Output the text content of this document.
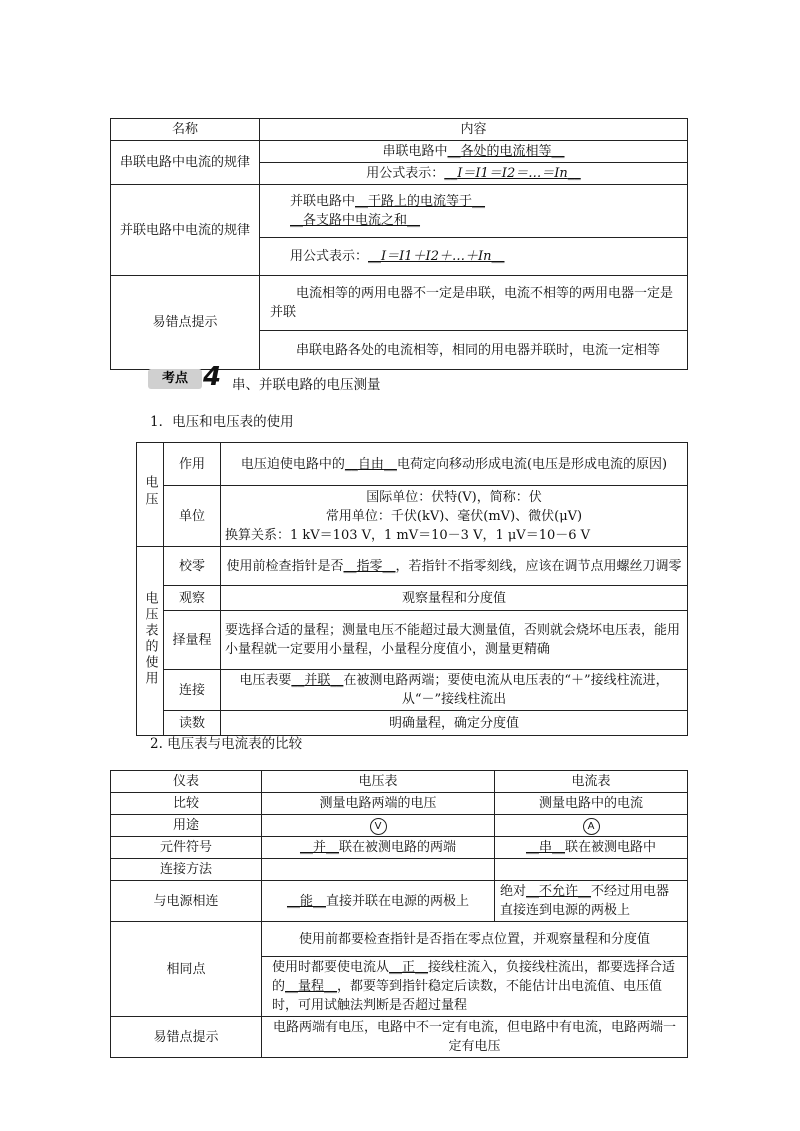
名称	内容
串联电路中电流的规律	串联电路中__各处的电流相等__
	用公式表示：__I＝I1＝I2＝…＝In__
并联电路中电流的规律	并联电路中__干路上的电流等于__
__各支路中电流之和__
	用公式表示：__I＝I1＋I2＋…＋In__
易错点提示	电流相等的两用电器不一定是串联，电流不相等的两用电器一定是并联
	串联电路各处的电流相等，相同的用电器并联时，电流一定相等
考点 4 串、并联电路的电压测量
1．电压和电压表的使用
电压	作用	电压迫使电路中的__自由__电荷定向移动形成电流(电压是形成电流的原因)
	单位	国际单位：伏特(V)，简称：伏
常用单位：千伏(kV)、毫伏(mV)、微伏(μV)
换算关系：1 kV＝103 V，1 mV＝10－3 V，1 μV＝10－6 V

电压表的使用	校零	使用前检查指针是否__指零__，若指针不指零刻线，应该在调节点用螺丝刀调零
	观察	观察量程和分度值
	择量程	要选择合适的量程；测量电压不能超过最大测量值，否则就会烧坏电压表，能用小量程就一定要用小量程，小量程分度值小，测量更精确
	连接	电压表要__并联__在被测电路两端；要使电流从电压表的“＋”接线柱流进，从“－”接线柱流出
	读数	明确量程，确定分度值
2. 电压表与电流表的比较
仪表	电压表	电流表
比较	测量电路两端的电压	测量电路中的电流
用途	V	A
元件符号	__并__联在被测电路的两端	__串__联在被测电路中
连接方法		
与电源相连	__能__直接并联在电源的两极上	绝对__不允许__不经过用电器直接连到电源的两极上
相同点	使用前都要检查指针是否指在零点位置，并观察量程和分度值	
	使用时都要使电流从__正__接线柱流入，负接线柱流出，都要选择合适的__量程__，都要等到指针稳定后读数，不能估计出电流值、电压值时，可用试触法判断是否超过量程	
易错点提示	电路两端有电压，电路中不一定有电流，但电路中有电流，电路两端一定有电压	
